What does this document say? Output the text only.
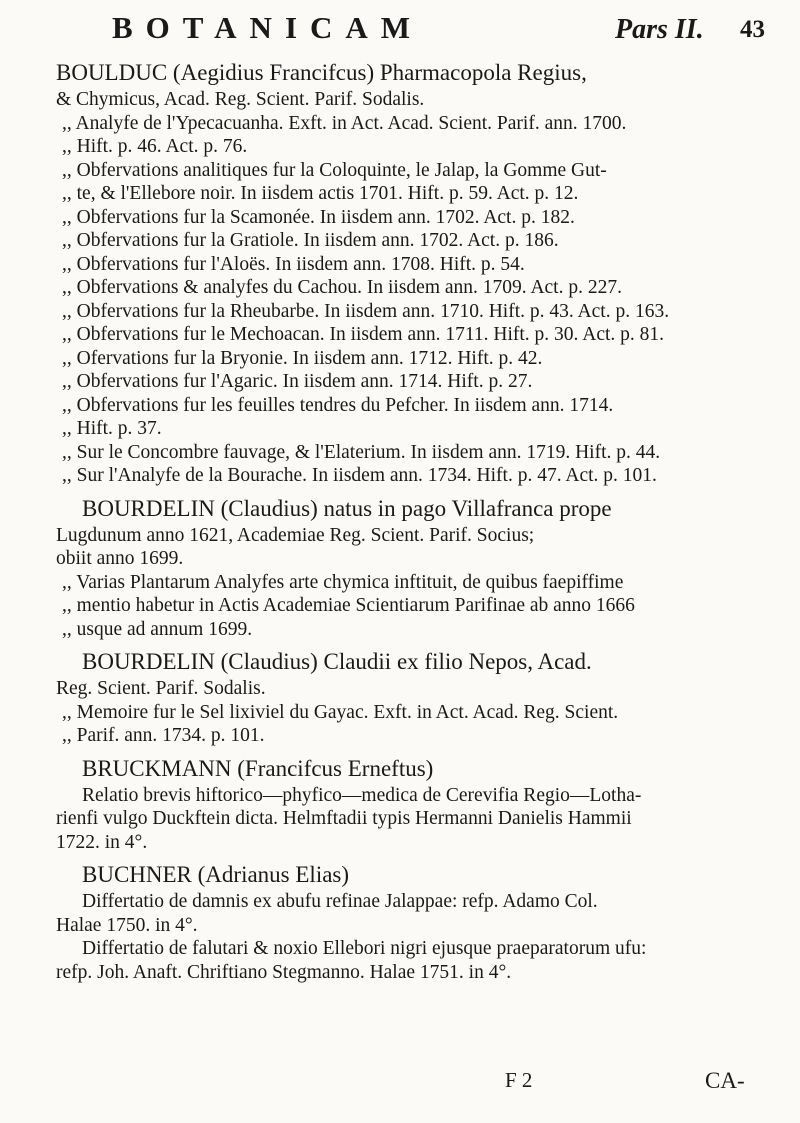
BOTANICAM	Pars II. 43
BOULDUC (Aegidius Francifcus) Pharmacopola Regius,
& Chymicus, Acad. Reg. Scient. Parif. Sodalis.
,, Analyfe de l'Ypecacuanha. Exft. in Act. Acad. Scient. Parif. ann. 1700.
,, Hift. p. 46. Act. p. 76.
,, Obfervations analitiques fur la Coloquinte, le Jalap, la Gomme Gut-
,, te, & l'Ellebore noir. In iisdem actis 1701. Hift. p. 59. Act. p. 12.
,, Obfervations fur la Scamonée. In iisdem ann. 1702. Act. p. 182.
,, Obfervations fur la Gratiole. In iisdem ann. 1702. Act. p. 186.
,, Obfervations fur l'Aloës. In iisdem ann. 1708. Hift. p. 54.
,, Obfervations & analyfes du Cachou. In iisdem ann. 1709. Act. p. 227.
,, Obfervations fur la Rheubarbe. In iisdem ann. 1710. Hift. p. 43. Act. p. 163.
,, Obfervations fur le Mechoacan. In iisdem ann. 1711. Hift. p. 30. Act. p. 81.
,, Ofervations fur la Bryonie. In iisdem ann. 1712. Hift. p. 42.
,, Obfervations fur l'Agaric. In iisdem ann. 1714. Hift. p. 27.
,, Obfervations fur les feuilles tendres du Pefcher. In iisdem ann. 1714.
,, Hift. p. 37.
,, Sur le Concombre fauvage, & l'Elaterium. In iisdem ann. 1719. Hift. p. 44.
,, Sur l'Analyfe de la Bourache. In iisdem ann. 1734. Hift. p. 47. Act. p. 101.
BOURDELIN (Claudius) natus in pago Villafranca prope
Lugdunum anno 1621, Academiae Reg. Scient. Parif. Socius;
obiit anno 1699.
,, Varias Plantarum Analyfes arte chymica inftituit, de quibus faepiffime
,, mentio habetur in Actis Academiae Scientiarum Parifinae ab anno 1666
,, usque ad annum 1699.
BOURDELIN (Claudius) Claudii ex filio Nepos, Acad.
Reg. Scient. Parif. Sodalis.
,, Memoire fur le Sel lixiviel du Gayac. Exft. in Act. Acad. Reg. Scient.
,, Parif. ann. 1734. p. 101.
BRUCKMANN (Francifcus Erneftus)
Relatio brevis hiftorico—phyfico—medica de Cerevifia Regio—Lotha-
rienfi vulgo Duckftein dicta. Helmftadii typis Hermanni Danielis Hammii
1722. in 4°.
BUCHNER (Adrianus Elias)
Differtatio de damnis ex abufu refinae Jalappae: refp. Adamo Col.
Halae 1750. in 4°.
Differtatio de falutari & noxio Ellebori nigri ejusque praeparatorum ufu:
refp. Joh. Anaft. Chriftiano Stegmanno. Halae 1751. in 4°.
F 2	CA-
